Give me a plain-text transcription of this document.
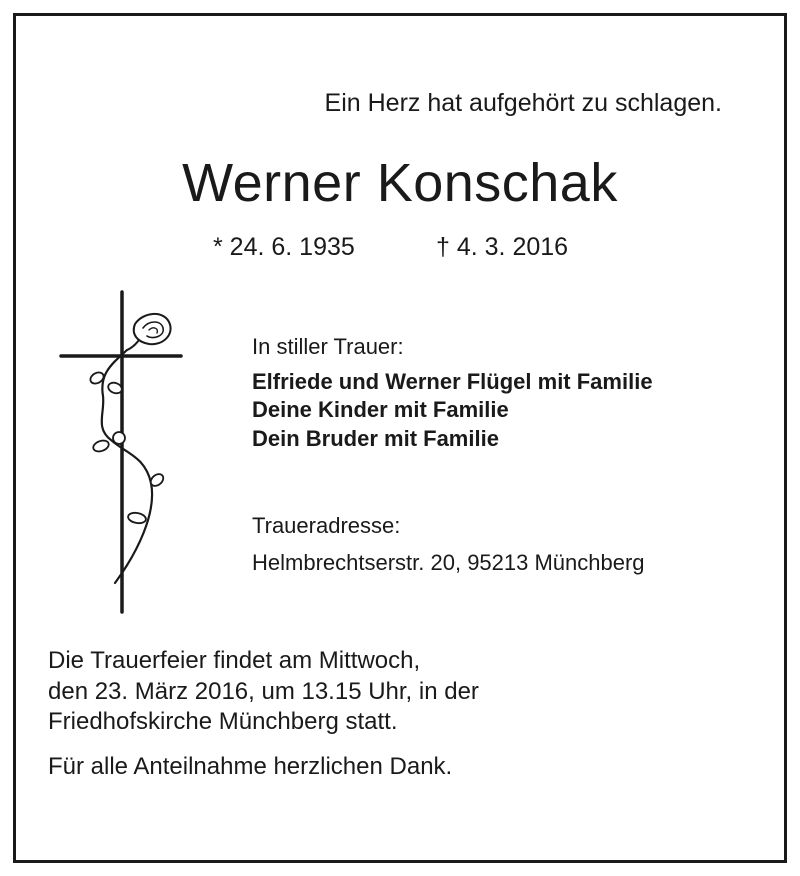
Ein Herz hat aufgehört zu schlagen.

Werner Konschak

* 24. 6. 1935	† 4. 3. 2016

In stiller Trauer:

Elfriede und Werner Flügel mit Familie

Deine Kinder mit Familie

Dein Bruder mit Familie

Traueradresse:

Helmbrechtserstr. 20, 95213 Münchberg

Die Trauerfeier findet am Mittwoch,

den 23. März 2016, um 13.15 Uhr, in der

Friedhofskirche Münchberg statt.

Für alle Anteilnahme herzlichen Dank.
